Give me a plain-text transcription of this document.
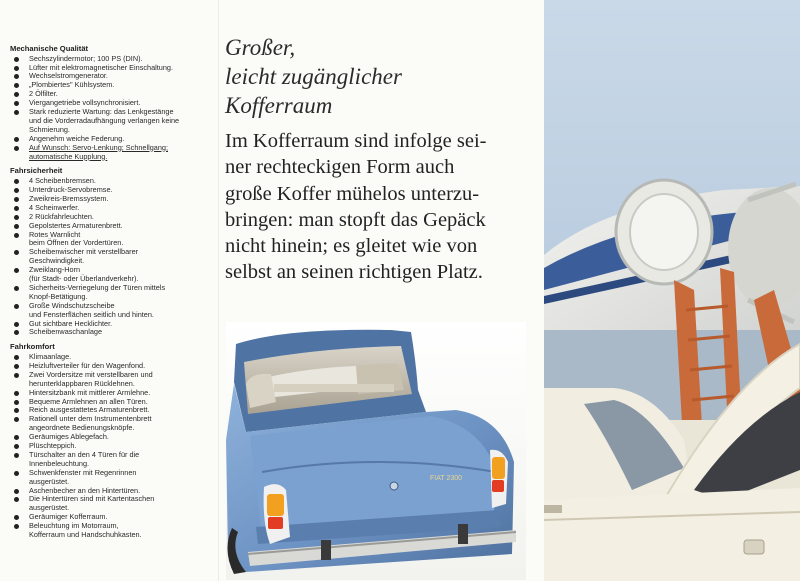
Mechanische Qualität
Sechszylindermotor; 100 PS (DIN).
Lüfter mit elektromagnetischer Einschaltung.
Wechselstromgenerator.
„Plombiertes" Kühlsystem.
2 Ölfilter.
Viergangetriebe vollsynchronisiert.
Stark reduzierte Wartung: das Lenkgestänge
und die Vorderradaufhängung verlangen keine
Schmierung.
Angenehm weiche Federung.
Auf Wunsch: Servo-Lenkung; Schnellgang;
automatische Kupplung.
Fahrsicherheit
4 Scheibenbremsen.
Unterdruck-Servobremse.
Zweikreis-Bremssystem.
4 Scheinwerfer.
2 Rückfahrleuchten.
Gepolstertes Armaturenbrett.
Rotes Warnlicht
beim Öffnen der Vordertüren.
Scheibenwischer mit verstellbarer
Geschwindigkeit.
Zweiklang-Horn
(für Stadt- oder Überlandverkehr).
Sicherheits-Verriegelung der Türen mittels
Knopf-Betätigung.
Große Windschutzscheibe
und Fensterflächen seitlich und hinten.
Gut sichtbare Hecklichter.
Scheibenwaschanlage
Fahrkomfort
Klimaanlage.
Heizluftverteiler für den Wagenfond.
Zwei Vordersitze mit verstellbaren und
herunterklappbaren Rücklehnen.
Hintersitzbank mit mittlerer Armlehne.
Bequeme Armlehnen an allen Türen.
Reich ausgestattetes Armaturenbrett.
Rationell unter dem Instrumentenbrett
angeordnete Bedienungsknöpfe.
Geräumiges Ablegefach.
Plüschteppich.
Türschalter an den 4 Türen für die
Innenbeleuchtung.
Schwenkfenster mit Regenrinnen
ausgerüstet.
Aschenbecher an den Hintertüren.
Die Hintertüren sind mit Kartentaschen
ausgerüstet.
Geräumiger Kofferraum.
Beleuchtung im Motorraum,
Kofferraum und Handschuhkasten.
Großer,
leicht zugänglicher
Kofferraum

Im Kofferraum sind infolge sei-
ner rechteckigen Form auch
große Koffer mühelos unterzu-
bringen: man stopft das Gepäck
nicht hinein; es gleitet wie von
selbst an seinen richtigen Platz.

FIAT 2300
